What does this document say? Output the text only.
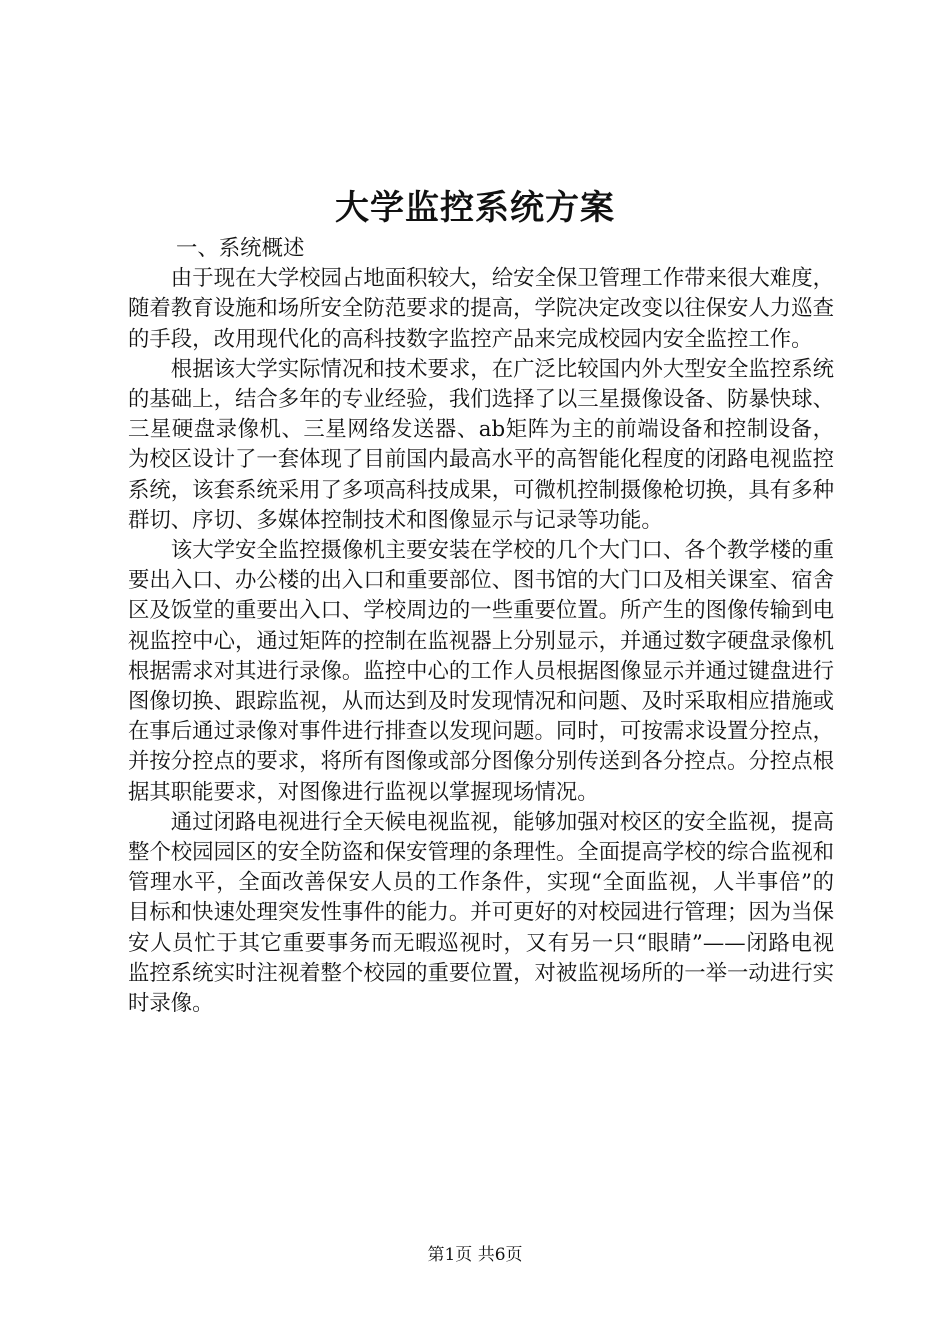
大学监控系统方案
一、系统概述

由于现在大学校园占地面积较大，给安全保卫管理工作带来很大难度，随着教育设施和场所安全防范要求的提高，学院决定改变以往保安人力巡查的手段，改用现代化的高科技数字监控产品来完成校园内安全监控工作。

根据该大学实际情况和技术要求，在广泛比较国内外大型安全监控系统的基础上，结合多年的专业经验，我们选择了以三星摄像设备、防暴快球、三星硬盘录像机、三星网络发送器、ab矩阵为主的前端设备和控制设备，为校区设计了一套体现了目前国内最高水平的高智能化程度的闭路电视监控系统，该套系统采用了多项高科技成果，可微机控制摄像枪切换，具有多种群切、序切、多媒体控制技术和图像显示与记录等功能。

该大学安全监控摄像机主要安装在学校的几个大门口、各个教学楼的重要出入口、办公楼的出入口和重要部位、图书馆的大门口及相关课室、宿舍区及饭堂的重要出入口、学校周边的一些重要位置。所产生的图像传输到电视监控中心，通过矩阵的控制在监视器上分别显示，并通过数字硬盘录像机根据需求对其进行录像。监控中心的工作人员根据图像显示并通过键盘进行图像切换、跟踪监视，从而达到及时发现情况和问题、及时采取相应措施或在事后通过录像对事件进行排查以发现问题。同时，可按需求设置分控点，并按分控点的要求，将所有图像或部分图像分别传送到各分控点。分控点根据其职能要求，对图像进行监视以掌握现场情况。

通过闭路电视进行全天候电视监视，能够加强对校区的安全监视，提高整个校园园区的安全防盗和保安管理的条理性。全面提高学校的综合监视和管理水平，全面改善保安人员的工作条件，实现“全面监视，人半事倍”的目标和快速处理突发性事件的能力。并可更好的对校园进行管理；因为当保安人员忙于其它重要事务而无暇巡视时，又有另一只“眼睛”——闭路电视监控系统实时注视着整个校园的重要位置，对被监视场所的一举一动进行实时录像。

第1页 共6页
